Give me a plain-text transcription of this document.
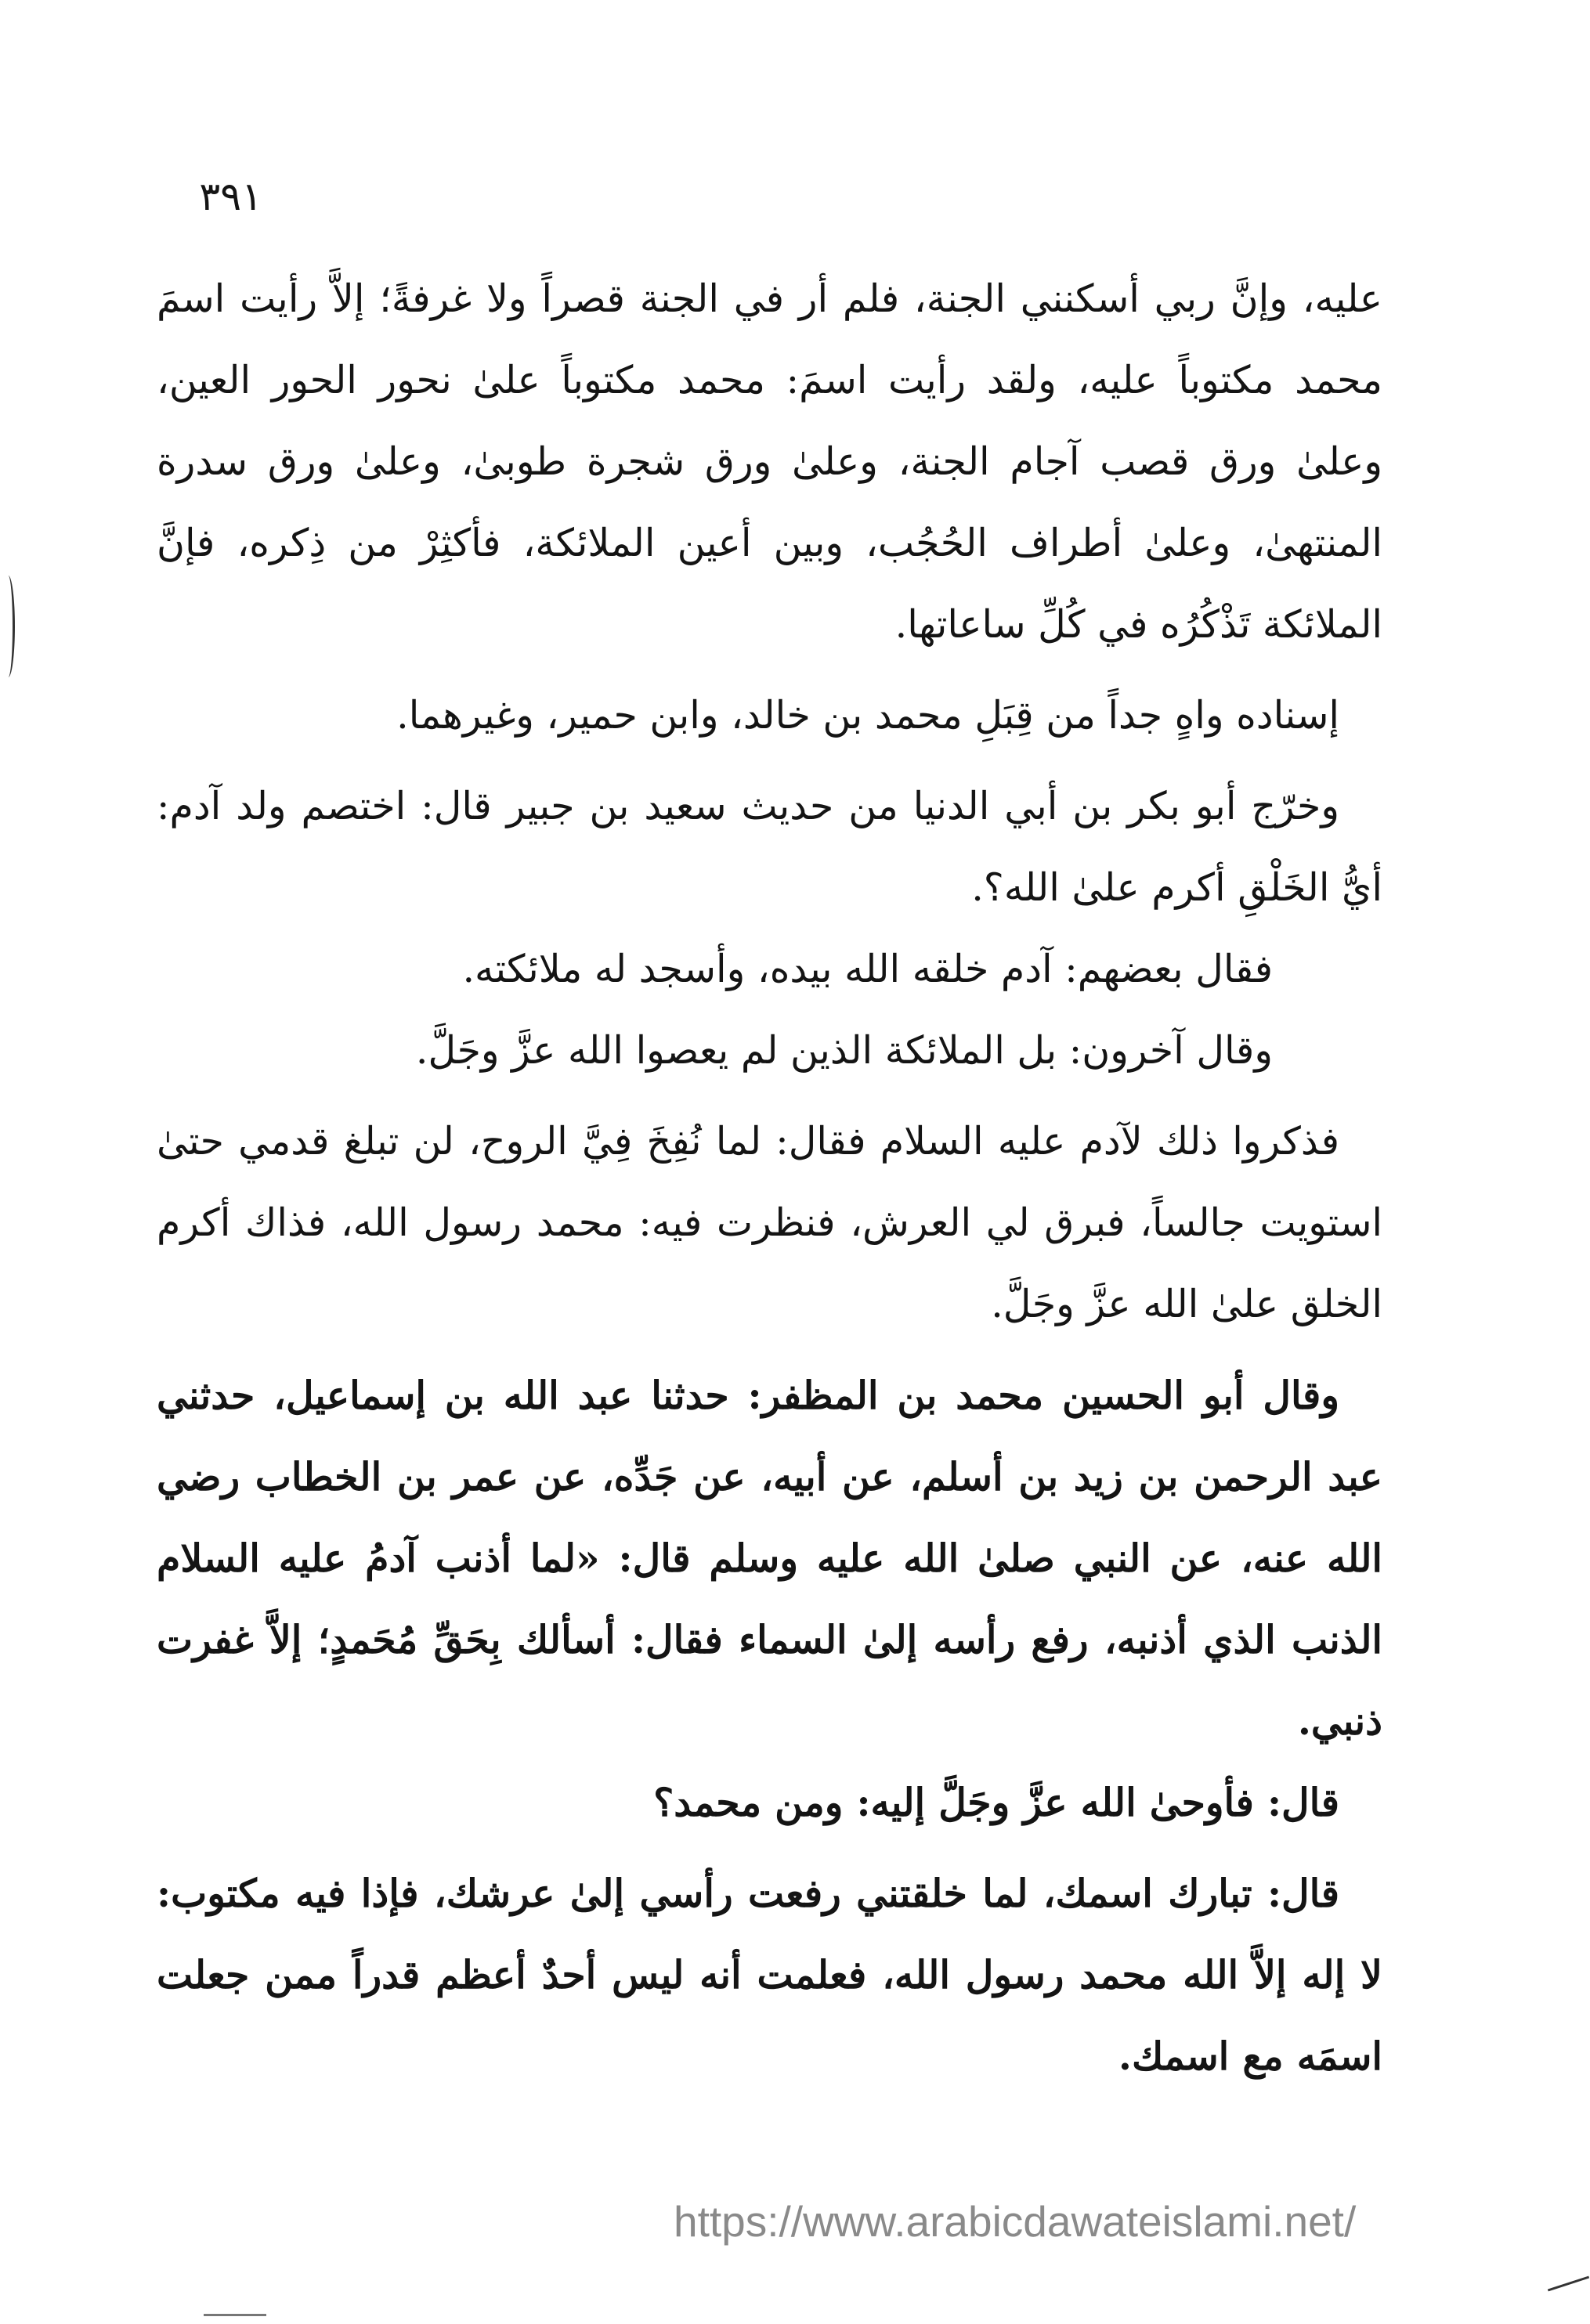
٣٩١

عليه، وإنَّ ربي أسكنني الجنة، فلم أر في الجنة قصراً ولا غرفةً؛ إلاَّ رأيت اسمَ محمد مكتوباً عليه، ولقد رأيت اسمَ: محمد مكتوباً علىٰ نحور الحور العين، وعلىٰ ورق قصب آجام الجنة، وعلىٰ ورق شجرة طوبىٰ، وعلىٰ ورق سدرة المنتهىٰ، وعلىٰ أطراف الحُجُب، وبين أعين الملائكة، فأكثِرْ من ذِكره، فإنَّ الملائكة تَذْكُرُه في كُلِّ ساعاتها.

إسناده واهٍ جداً من قِبَلِ محمد بن خالد، وابن حمير، وغيرهما.

وخرّج أبو بكر بن أبي الدنيا من حديث سعيد بن جبير قال: اختصم ولد آدم: أيُّ الخَلْقِ أكرم علىٰ الله؟.

فقال بعضهم: آدم خلقه الله بيده، وأسجد له ملائكته.

وقال آخرون: بل الملائكة الذين لم يعصوا الله عزَّ وجَلَّ.

فذكروا ذلك لآدم عليه السلام فقال: لما نُفِخَ فِيَّ الروح، لن تبلغ قدمي حتىٰ استويت جالساً، فبرق لي العرش، فنظرت فيه: محمد رسول الله، فذاك أكرم الخلق علىٰ الله عزَّ وجَلَّ.

وقال أبو الحسين محمد بن المظفر: حدثنا عبد الله بن إسماعيل، حدثني عبد الرحمن بن زيد بن أسلم، عن أبيه، عن جَدِّه، عن عمر بن الخطاب رضي الله عنه، عن النبي صلىٰ الله عليه وسلم قال: «لما أذنب آدمُ عليه السلام الذنب الذي أذنبه، رفع رأسه إلىٰ السماء فقال: أسألك بِحَقِّ مُحَمدٍ؛ إلاَّ غفرت ذنبي.

قال: فأوحىٰ الله عزَّ وجَلَّ إليه: ومن محمد؟

قال: تبارك اسمك، لما خلقتني رفعت رأسي إلىٰ عرشك، فإذا فيه مكتوب: لا إله إلاَّ الله محمد رسول الله، فعلمت أنه ليس أحدٌ أعظم قدراً ممن جعلت اسمَه مع اسمك.

https://www.arabicdawateislami.net/
